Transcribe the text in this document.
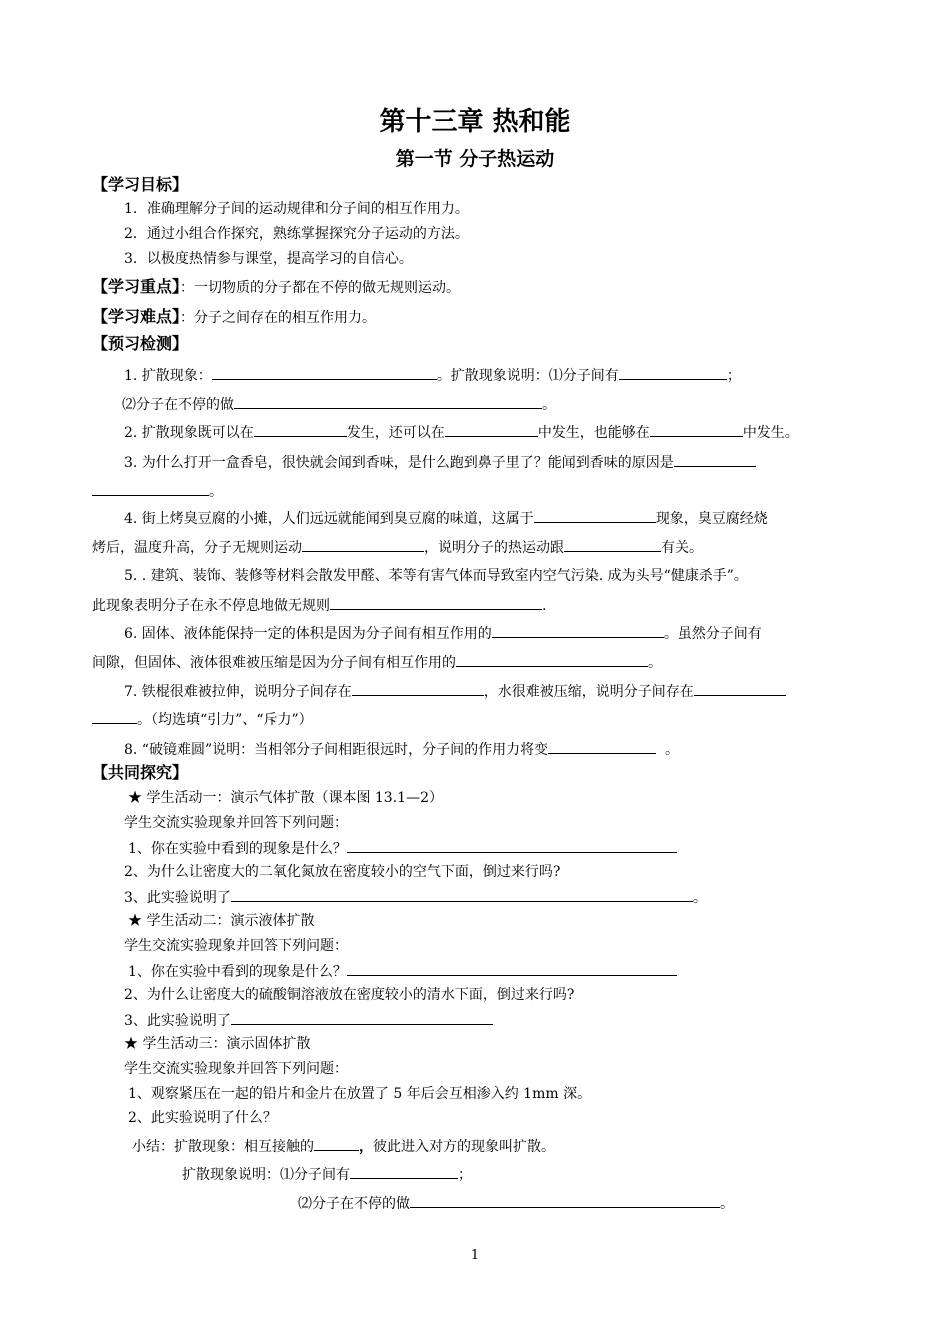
第十三章 热和能
第一节 分子热运动
【学习目标】
1．准确理解分子间的运动规律和分子间的相互作用力。
2．通过小组合作探究，熟练掌握探究分子运动的方法。
3．以极度热情参与课堂，提高学习的自信心。
【学习重点】：一切物质的分子都在不停的做无规则运动。
【学习难点】：分子之间存在的相互作用力。
【预习检测】
1. 扩散现象：	。扩散现象说明：⑴分子间有	；
⑵分子在不停的做	。
2. 扩散现象既可以在	发生，还可以在	中发生，也能够在	中发生。
3. 为什么打开一盒香皂，很快就会闻到香味，是什么跑到鼻子里了？能闻到香味的原因是
。
4. 街上烤臭豆腐的小摊，人们远远就能闻到臭豆腐的味道，这属于	现象，臭豆腐经烧
烤后，温度升高，分子无规则运动	，说明分子的热运动跟	有关。
5. . 建筑、装饰、装修等材料会散发甲醛、苯等有害气体而导致室内空气污染. 成为头号“健康杀手”。
此现象表明分子在永不停息地做无规则	.
6. 固体、液体能保持一定的体积是因为分子间有相互作用的	。虽然分子间有
间隙，但固体、液体很难被压缩是因为分子间有相互作用的	。
7. 铁棍很难被拉伸，说明分子间存在	，水很难被压缩，说明分子间存在
。（均选填“引力”、“斥力”）
8. “破镜难圆”说明：当相邻分子间相距很远时，分子间的作用力将变	。
【共同探究】
★ 学生活动一：演示气体扩散（课本图 13.1—2）
学生交流实验现象并回答下列问题：
1、你在实验中看到的现象是什么？
2、为什么让密度大的二氧化氮放在密度较小的空气下面，倒过来行吗?
3、此实验说明了	。
★ 学生活动二：演示液体扩散
学生交流实验现象并回答下列问题：
1、你在实验中看到的现象是什么？
2、为什么让密度大的硫酸铜溶液放在密度较小的清水下面，倒过来行吗?
3、此实验说明了
★ 学生活动三：演示固体扩散
学生交流实验现象并回答下列问题：
1、观察紧压在一起的铅片和金片在放置了 5 年后会互相渗入约 1mm 深。
2、此实验说明了什么？
小结：扩散现象：相互接触的	，彼此进入对方的现象叫扩散。
扩散现象说明：⑴分子间有	；
⑵分子在不停的做	。
1
